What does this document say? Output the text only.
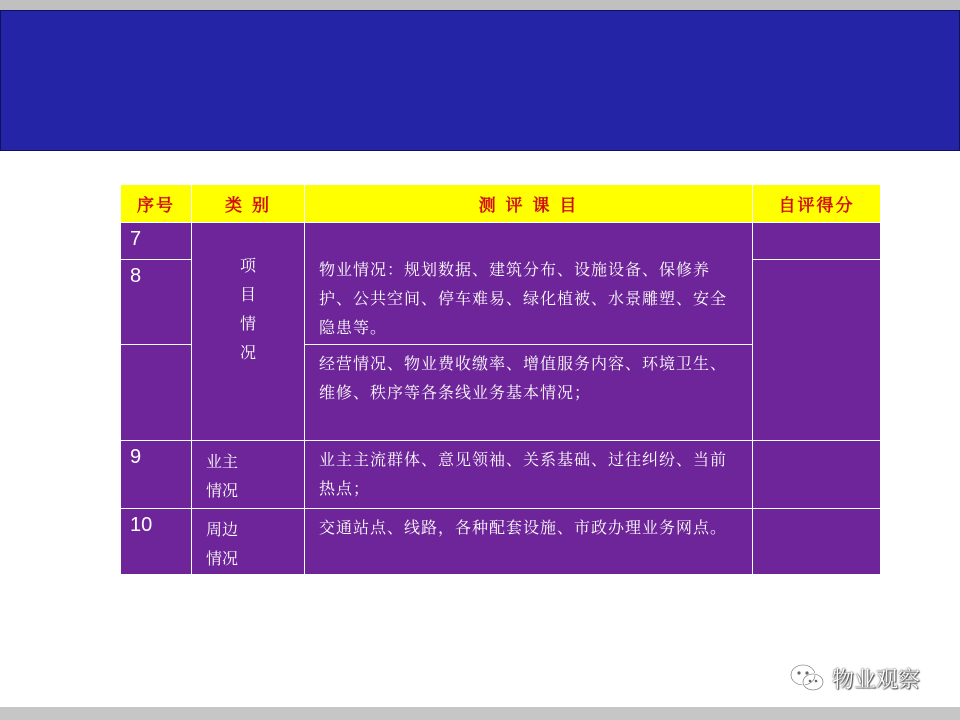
序号	类 别	测 评 课 目	自评得分
7	项目情况	物业情况：规划数据、建筑分布、设施设备、保修养护、公共空间、停车难易、绿化植被、水景雕塑、安全隐患等。	
8			
		经营情况、物业费收缴率、增值服务内容、环境卫生、维修、秩序等各条线业务基本情况；	
9	业主情况	业主主流群体、意见领袖、关系基础、过往纠纷、当前热点；	
10	周边情况	交通站点、线路，各种配套设施、市政办理业务网点。	
物业观察
